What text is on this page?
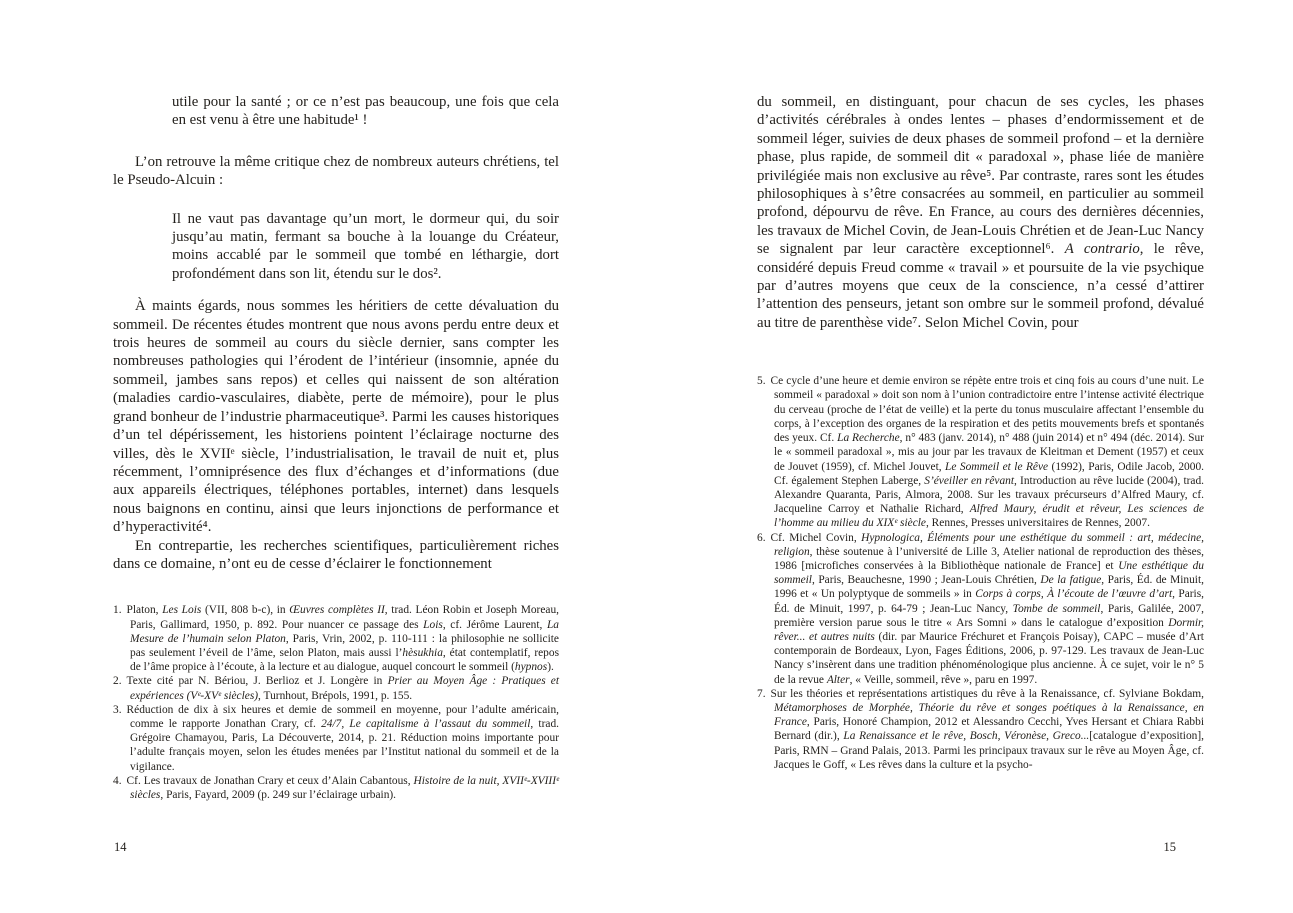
utile pour la santé ; or ce n’est pas beaucoup, une fois que cela en est venu à être une habitude¹ !

L’on retrouve la même critique chez de nombreux auteurs chrétiens, tel le Pseudo-Alcuin :

Il ne vaut pas davantage qu’un mort, le dormeur qui, du soir jusqu’au matin, fermant sa bouche à la louange du Créateur, moins accablé par le sommeil que tombé en léthargie, dort profondément dans son lit, étendu sur le dos².

À maints égards, nous sommes les héritiers de cette dévaluation du sommeil. De récentes études montrent que nous avons perdu entre deux et trois heures de sommeil au cours du siècle dernier, sans compter les nombreuses pathologies qui l’érodent de l’intérieur (insomnie, apnée du sommeil, jambes sans repos) et celles qui naissent de son altération (maladies cardio-vasculaires, diabète, perte de mémoire), pour le plus grand bonheur de l’industrie pharmaceutique³. Parmi les causes historiques d’un tel dépérissement, les historiens pointent l’éclairage nocturne des villes, dès le XVIIᵉ siècle, l’industrialisation, le travail de nuit et, plus récemment, l’omniprésence des flux d’échanges et d’informations (due aux appareils électriques, téléphones portables, internet) dans lesquels nous baignons en continu, ainsi que leurs injonctions de performance et d’hyperactivité⁴.

En contrepartie, les recherches scientifiques, particulièrement riches dans ce domaine, n’ont eu de cesse d’éclairer le fonctionnement

1. Platon, Les Lois (VII, 808 b-c), in Œuvres complètes II, trad. Léon Robin et Joseph Moreau, Paris, Gallimard, 1950, p. 892. Pour nuancer ce passage des Lois, cf. Jérôme Laurent, La Mesure de l’humain selon Platon, Paris, Vrin, 2002, p. 110-111 : la philosophie ne sollicite pas seulement l’éveil de l’âme, selon Platon, mais aussi l’hèsukhia, état contemplatif, repos de l’âme propice à l’écoute, à la lecture et au dialogue, auquel concourt le sommeil (hypnos).

2. Texte cité par N. Bériou, J. Berlioz et J. Longère in Prier au Moyen Âge : Pratiques et expériences (Vᵉ-XVᵉ siècles), Turnhout, Brépols, 1991, p. 155.

3. Réduction de dix à six heures et demie de sommeil en moyenne, pour l’adulte américain, comme le rapporte Jonathan Crary, cf. 24/7, Le capitalisme à l’assaut du sommeil, trad. Grégoire Chamayou, Paris, La Découverte, 2014, p. 21. Réduction moins importante pour l’adulte français moyen, selon les études menées par l’Institut national du sommeil et de la vigilance.

4. Cf. Les travaux de Jonathan Crary et ceux d’Alain Cabantous, Histoire de la nuit, XVIIᵉ-XVIIIᵉ siècles, Paris, Fayard, 2009 (p. 249 sur l’éclairage urbain).

14

du sommeil, en distinguant, pour chacun de ses cycles, les phases d’activités cérébrales à ondes lentes – phases d’endormissement et de sommeil léger, suivies de deux phases de sommeil profond – et la dernière phase, plus rapide, de sommeil dit « paradoxal », phase liée de manière privilégiée mais non exclusive au rêve⁵. Par contraste, rares sont les études philosophiques à s’être consacrées au sommeil, en particulier au sommeil profond, dépourvu de rêve. En France, au cours des dernières décennies, les travaux de Michel Covin, de Jean-Louis Chrétien et de Jean-Luc Nancy se signalent par leur caractère exceptionnel⁶. A contrario, le rêve, considéré depuis Freud comme « travail » et poursuite de la vie psychique par d’autres moyens que ceux de la conscience, n’a cessé d’attirer l’attention des penseurs, jetant son ombre sur le sommeil profond, dévalué au titre de parenthèse vide⁷. Selon Michel Covin, pour

5. Ce cycle d’une heure et demie environ se répète entre trois et cinq fois au cours d’une nuit. Le sommeil « paradoxal » doit son nom à l’union contradictoire entre l’intense activité électrique du cerveau (proche de l’état de veille) et la perte du tonus musculaire affectant l’ensemble du corps, à l’exception des organes de la respiration et des petits mouvements brefs et spontanés des yeux. Cf. La Recherche, n° 483 (janv. 2014), n° 488 (juin 2014) et n° 494 (déc. 2014). Sur le « sommeil paradoxal », mis au jour par les travaux de Kleitman et Dement (1957) et ceux de Jouvet (1959), cf. Michel Jouvet, Le Sommeil et le Rêve (1992), Paris, Odile Jacob, 2000. Cf. également Stephen Laberge, S’éveiller en rêvant, Introduction au rêve lucide (2004), trad. Alexandre Quaranta, Paris, Almora, 2008. Sur les travaux précurseurs d’Alfred Maury, cf. Jacqueline Carroy et Nathalie Richard, Alfred Maury, érudit et rêveur, Les sciences de l’homme au milieu du XIXᵉ siècle, Rennes, Presses universitaires de Rennes, 2007.

6. Cf. Michel Covin, Hypnologica, Éléments pour une esthétique du sommeil : art, médecine, religion, thèse soutenue à l’université de Lille 3, Atelier national de reproduction des thèses, 1986 [microfiches conservées à la Bibliothèque nationale de France] et Une esthétique du sommeil, Paris, Beauchesne, 1990 ; Jean-Louis Chrétien, De la fatigue, Paris, Éd. de Minuit, 1996 et « Un polyptyque de sommeils » in Corps à corps, À l’écoute de l’œuvre d’art, Paris, Éd. de Minuit, 1997, p. 64-79 ; Jean-Luc Nancy, Tombe de sommeil, Paris, Galilée, 2007, première version parue sous le titre « Ars Somni » dans le catalogue d’exposition Dormir, rêver... et autres nuits (dir. par Maurice Fréchuret et François Poisay), CAPC – musée d’Art contemporain de Bordeaux, Lyon, Fages Éditions, 2006, p. 97-129. Les travaux de Jean-Luc Nancy s’insèrent dans une tradition phénoménologique plus ancienne. À ce sujet, voir le n° 5 de la revue Alter, « Veille, sommeil, rêve », paru en 1997.

7. Sur les théories et représentations artistiques du rêve à la Renaissance, cf. Sylviane Bokdam, Métamorphoses de Morphée, Théorie du rêve et songes poétiques à la Renaissance, en France, Paris, Honoré Champion, 2012 et Alessandro Cecchi, Yves Hersant et Chiara Rabbi Bernard (dir.), La Renaissance et le rêve, Bosch, Véronèse, Greco...[catalogue d’exposition], Paris, RMN – Grand Palais, 2013. Parmi les principaux travaux sur le rêve au Moyen Âge, cf. Jacques le Goff, « Les rêves dans la culture et la psycho-

15
